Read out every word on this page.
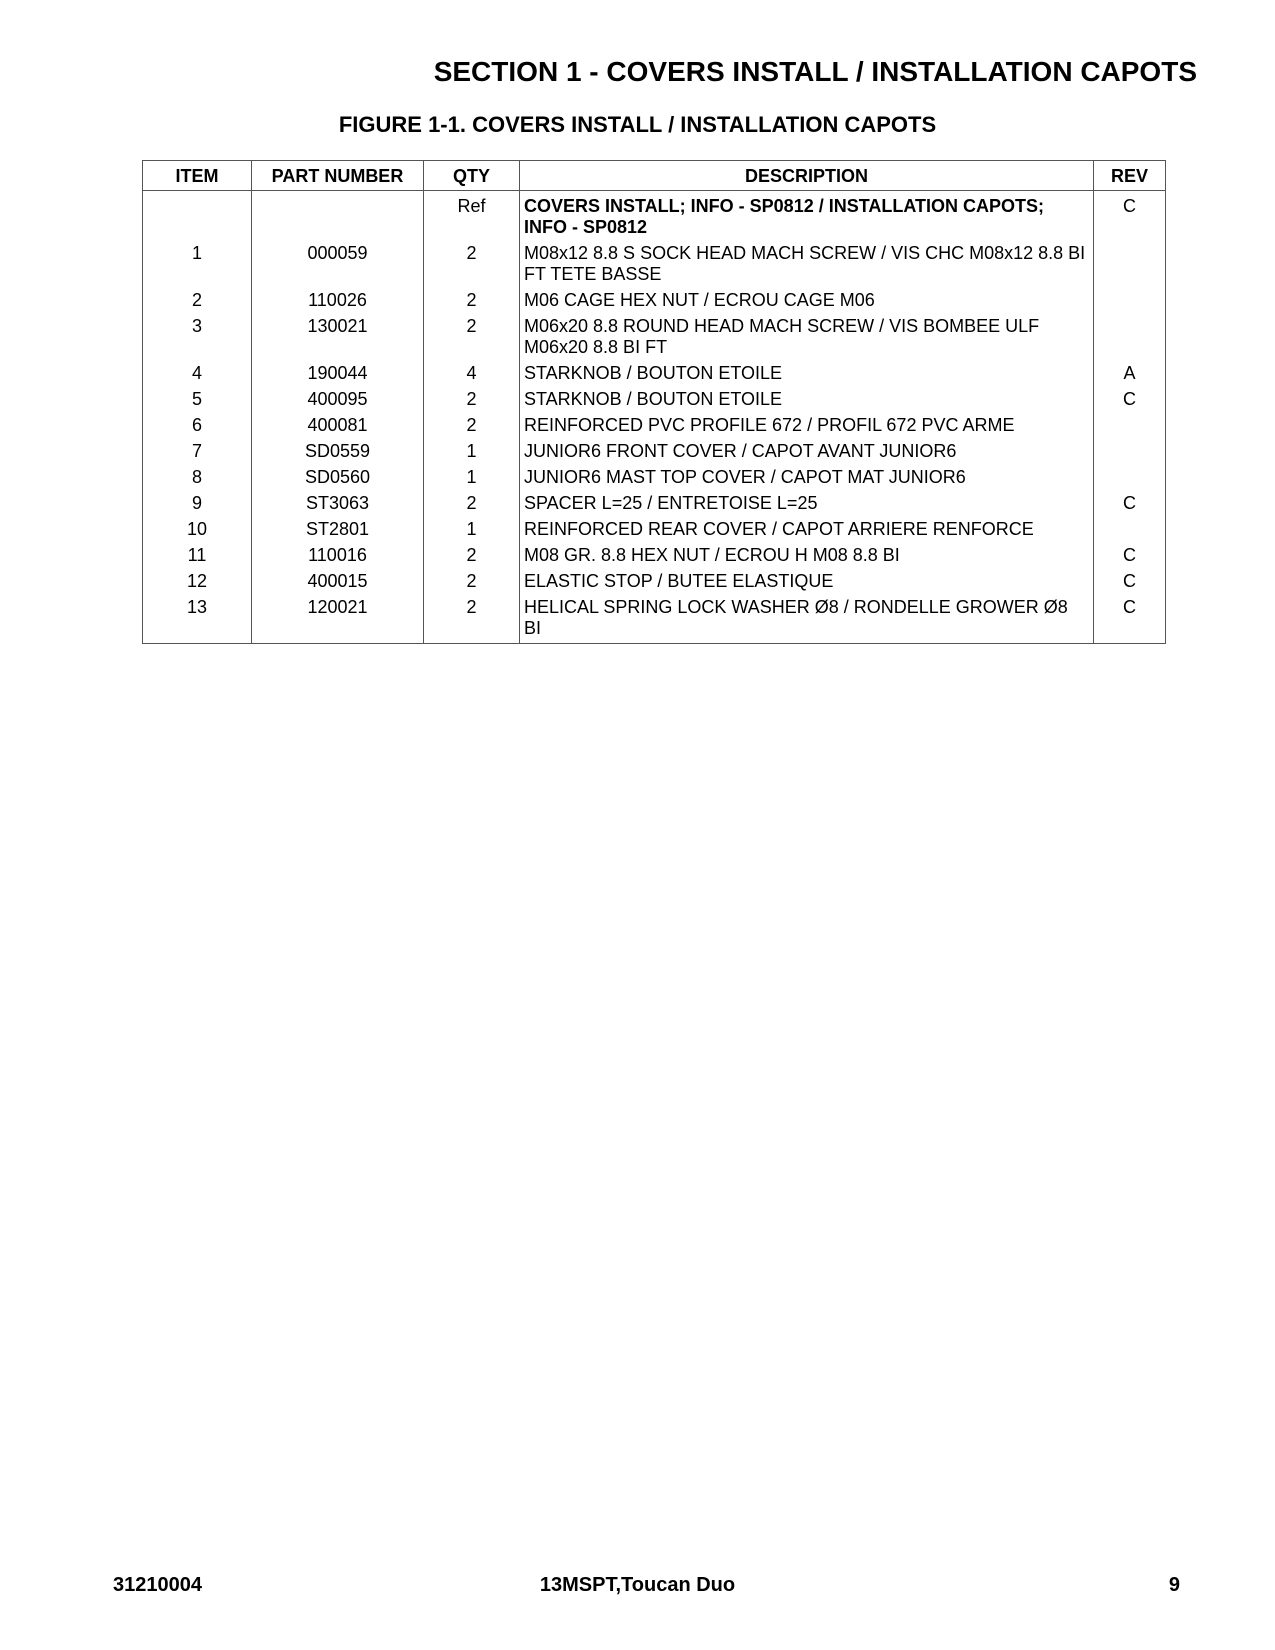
SECTION 1 - COVERS INSTALL / INSTALLATION CAPOTS
FIGURE 1-1. COVERS INSTALL / INSTALLATION CAPOTS
ITEM	PART NUMBER	QTY	DESCRIPTION	REV
		Ref	COVERS INSTALL; INFO - SP0812 / INSTALLATION CAPOTS; INFO - SP0812	C
1	000059	2	M08x12 8.8 S SOCK HEAD MACH SCREW / VIS CHC M08x12 8.8 BI FT TETE BASSE	
2	110026	2	M06 CAGE HEX NUT / ECROU CAGE M06	
3	130021	2	M06x20 8.8 ROUND HEAD MACH SCREW / VIS BOMBEE ULF M06x20 8.8 BI FT	
4	190044	4	STARKNOB / BOUTON ETOILE	A
5	400095	2	STARKNOB / BOUTON ETOILE	C
6	400081	2	REINFORCED PVC PROFILE 672 / PROFIL 672 PVC ARME	
7	SD0559	1	JUNIOR6 FRONT COVER / CAPOT AVANT JUNIOR6	
8	SD0560	1	JUNIOR6 MAST TOP COVER / CAPOT MAT JUNIOR6	
9	ST3063	2	SPACER L=25 / ENTRETOISE L=25	C
10	ST2801	1	REINFORCED REAR COVER / CAPOT ARRIERE RENFORCE	
11	110016	2	M08 GR. 8.8 HEX NUT / ECROU H M08 8.8 BI	C
12	400015	2	ELASTIC STOP / BUTEE ELASTIQUE	C
13	120021	2	HELICAL SPRING LOCK WASHER Ø8 / RONDELLE GROWER Ø8 BI	C
31210004	13MSPT,Toucan Duo	9
